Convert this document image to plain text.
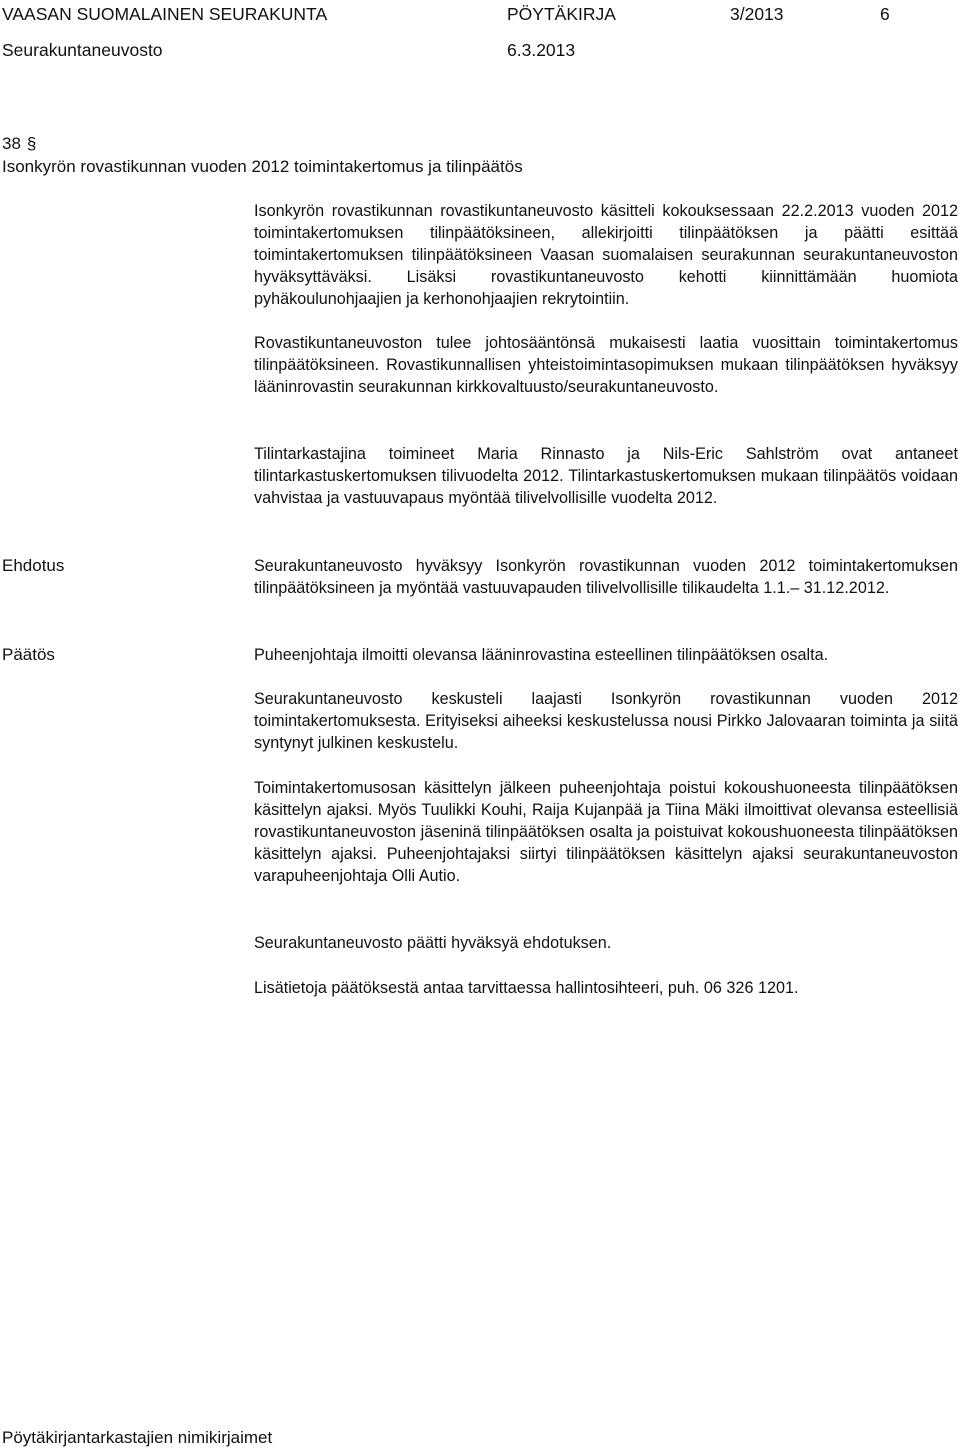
VAASAN SUOMALAINEN SEURAKUNTA	PÖYTÄKIRJA	3/2013	6
Seurakuntaneuvosto	6.3.2013
38 §
Isonkyrön rovastikunnan vuoden 2012 toimintakertomus ja tilinpäätös

Isonkyrön rovastikunnan rovastikuntaneuvosto käsitteli kokouksessaan 22.2.2013 vuoden 2012 toimintakertomuksen tilinpäätöksineen, allekirjoitti tilinpäätöksen ja päätti esittää toimintakertomuksen tilinpäätöksineen Vaasan suomalaisen seurakunnan seurakuntaneuvoston hyväksyttäväksi. Lisäksi rovastikuntaneuvosto kehotti kiinnittämään huomiota pyhäkoulunohjaajien ja kerhonohjaajien rekrytointiin.

Rovastikuntaneuvoston tulee johtosääntönsä mukaisesti laatia vuosittain toimintakertomus tilinpäätöksineen. Rovastikunnallisen yhteistoimintasopimuksen mukaan tilinpäätöksen hyväksyy lääninrovastin seurakunnan kirkkovaltuusto/seurakuntaneuvosto.

Tilintarkastajina toimineet Maria Rinnasto ja Nils-Eric Sahlström ovat antaneet tilintarkastuskertomuksen tilivuodelta 2012. Tilintarkastuskertomuksen mukaan tilinpäätös voidaan vahvistaa ja vastuuvapaus myöntää tilivelvollisille vuodelta 2012.

Ehdotus	Seurakuntaneuvosto hyväksyy Isonkyrön rovastikunnan vuoden 2012 toimintakertomuksen tilinpäätöksineen ja myöntää vastuuvapauden tilivelvollisille tilikaudelta 1.1.– 31.12.2012.

Päätös	Puheenjohtaja ilmoitti olevansa lääninrovastina esteellinen tilinpäätöksen osalta.

Seurakuntaneuvosto keskusteli laajasti Isonkyrön rovastikunnan vuoden 2012 toimintakertomuksesta. Erityiseksi aiheeksi keskustelussa nousi Pirkko Jalovaaran toiminta ja siitä syntynyt julkinen keskustelu.

Toimintakertomusosan käsittelyn jälkeen puheenjohtaja poistui kokoushuoneesta tilinpäätöksen käsittelyn ajaksi. Myös Tuulikki Kouhi, Raija Kujanpää ja Tiina Mäki ilmoittivat olevansa esteellisiä rovastikuntaneuvoston jäseninä tilinpäätöksen osalta ja poistuivat kokoushuoneesta tilinpäätöksen käsittelyn ajaksi. Puheenjohtajaksi siirtyi tilinpäätöksen käsittelyn ajaksi seurakuntaneuvoston varapuheenjohtaja Olli Autio.

Seurakuntaneuvosto päätti hyväksyä ehdotuksen.

Lisätietoja päätöksestä antaa tarvittaessa hallintosihteeri, puh. 06 326 1201.

Pöytäkirjantarkastajien nimikirjaimet
